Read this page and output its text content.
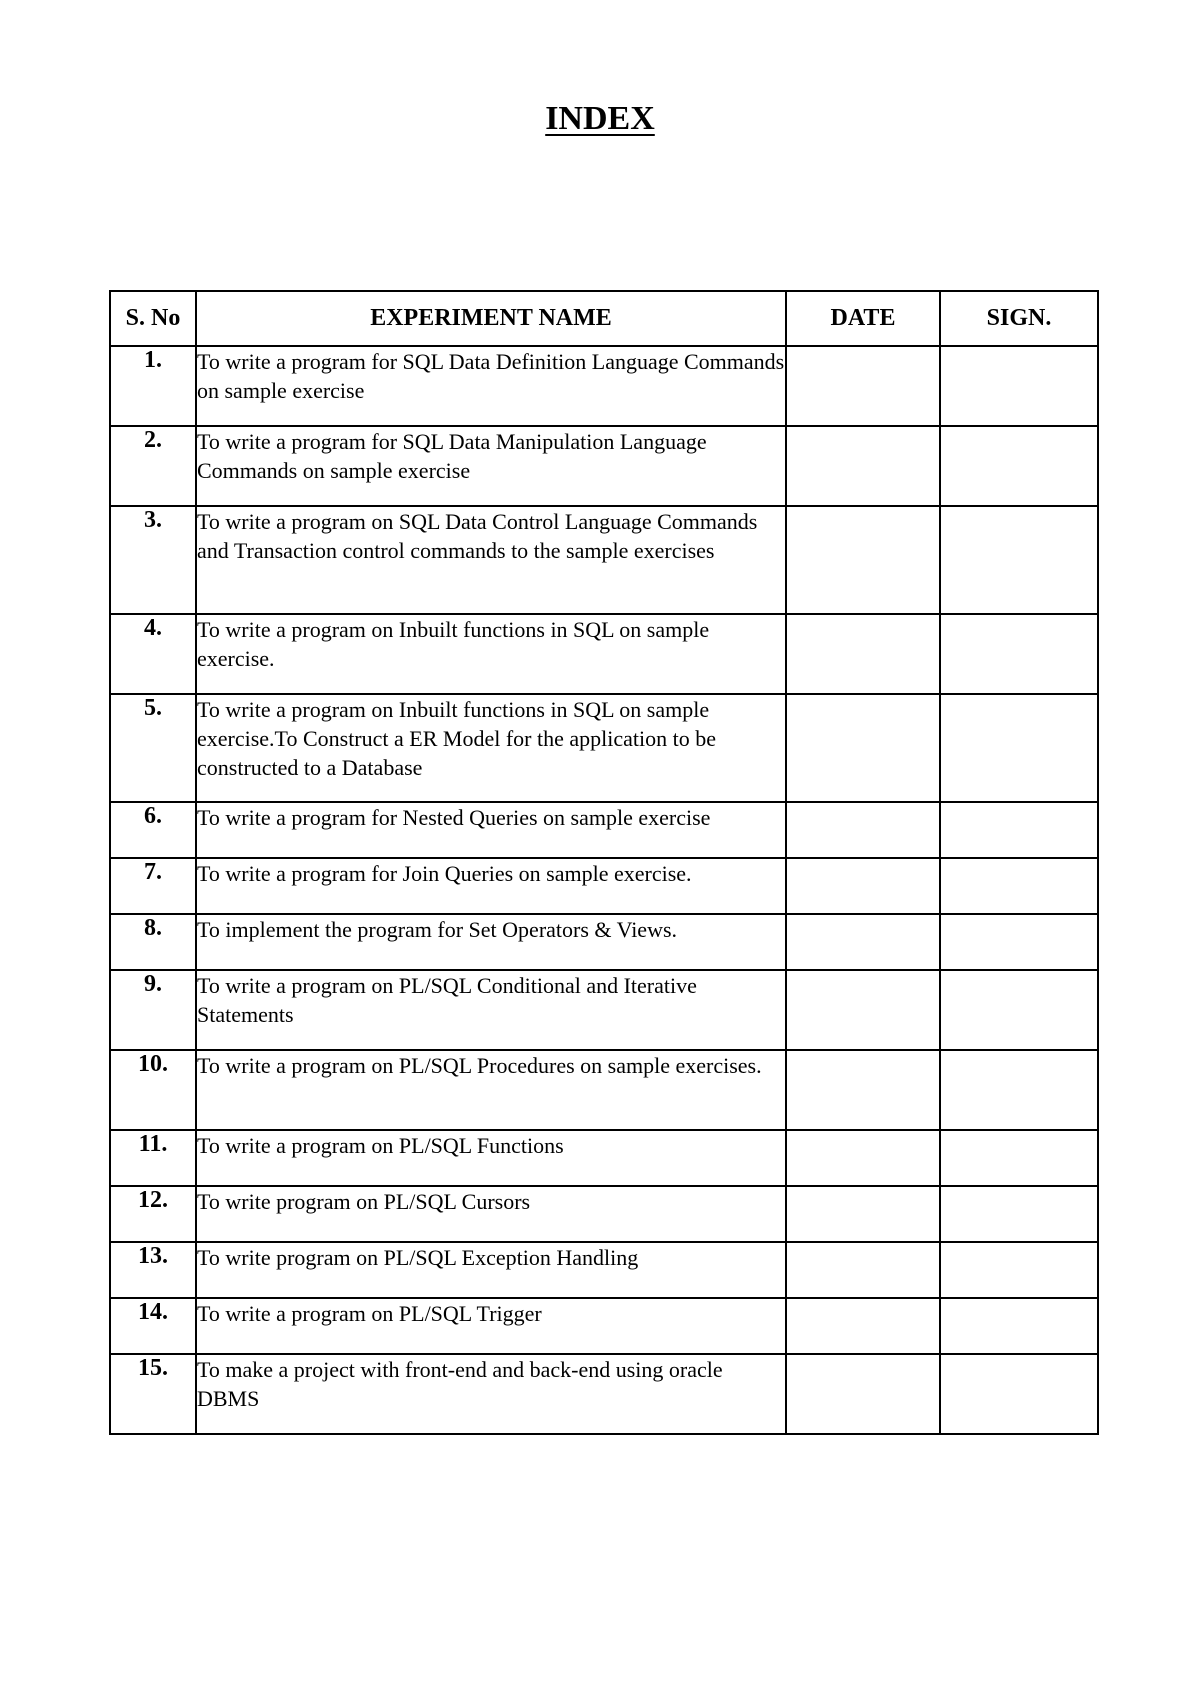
INDEX
S. No	EXPERIMENT NAME	DATE	SIGN.
1.	To write a program for SQL Data Definition Language Commands on sample exercise		
2.	To write a program for SQL Data Manipulation Language Commands on sample exercise		
3.	To write a program on SQL Data Control Language Commands and Transaction control commands to the sample exercises		
4.	To write a program on Inbuilt functions in SQL on sample exercise.		
5.	To write a program on Inbuilt functions in SQL on sample exercise.To Construct a ER Model for the application to be constructed to a Database		
6.	To write a program for Nested Queries on sample exercise		
7.	To write a program for Join Queries on sample exercise.		
8.	To implement the program for Set Operators & Views.		
9.	To write a program on PL/SQL Conditional and Iterative Statements		
10.	To write a program on PL/SQL Procedures on sample exercises.		
11.	To write a program on PL/SQL Functions		
12.	To write program on PL/SQL Cursors		
13.	To write program on PL/SQL Exception Handling		
14.	To write a program on PL/SQL Trigger		
15.	To make a project with front-end and back-end using oracle DBMS		
